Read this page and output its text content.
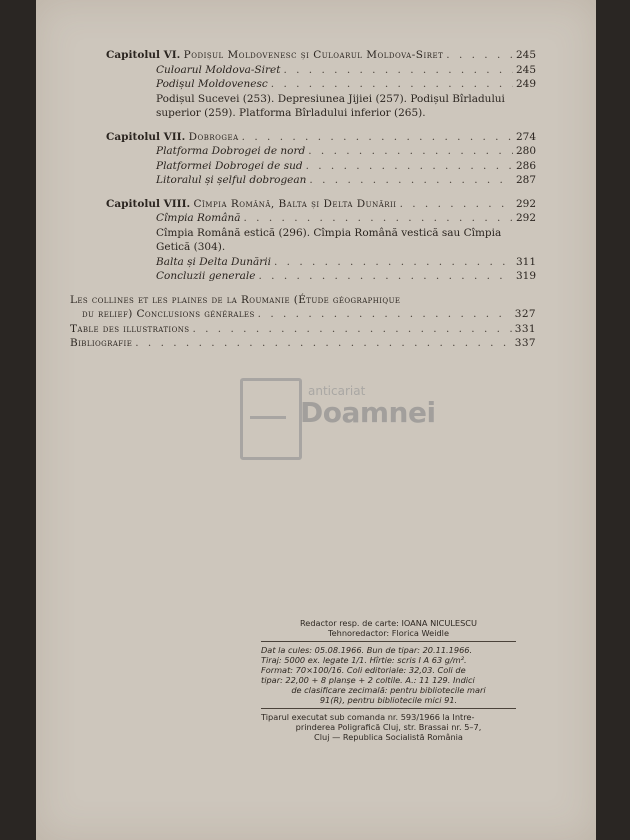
Capitolul VI. Podișul Moldovenesc și Culoarul Moldova-Siret . . .	245
Culoarul Moldova-Siret . . .	245
Podișul Moldovenesc . . .	249
Podișul Sucevei (253). Depresiunea Jijiei (257). Podișul Bîrladului
superior (259). Platforma Bîrladului inferior (265).
Capitolul VII. Dobrogea . . .	274
Platforma Dobrogei de nord . . .	280
Platformei Dobrogei de sud . . .	286
Litoralul și șelful dobrogean . . .	287
Capitolul VIII. Cîmpia Română, Balta și Delta Dunării . . .	292
Cîmpia Română . . .	292
Cîmpia Română estică (296). Cîmpia Română vestică sau Cîmpia
Getică (304).
Balta și Delta Dunării . . .	311
Concluzii generale . . .	319
Les collines et les plaines de la Roumanie (Étude géographique
du relief) Conclusions générales . . .	327
Table des illustrations . . .	331
Bibliografie . . .	337
anticariat
Doamnei
Redactor resp. de carte: IOANA NICULESCU
Tehnoredactor: Florica Weidle
Dat la cules: 05.08.1966. Bun de tipar: 20.11.1966.
Tiraj: 5000 ex. legate 1/1. Hîrtie: scris I A 63 g/m².
Format: 70×100/16. Coli editoriale: 32,03. Coli de
tipar: 22,00 + 8 planșe + 2 coltile. A.: 11 129. Indici
de clasificare zecimală: pentru bibliotecile mari
91(R), pentru bibliotecile mici 91.
Tiparul executat sub comanda nr. 593/1966 la Intre-
prinderea Poligrafică Cluj, str. Brassai nr. 5–7,
Cluj — Republica Socialistă România
